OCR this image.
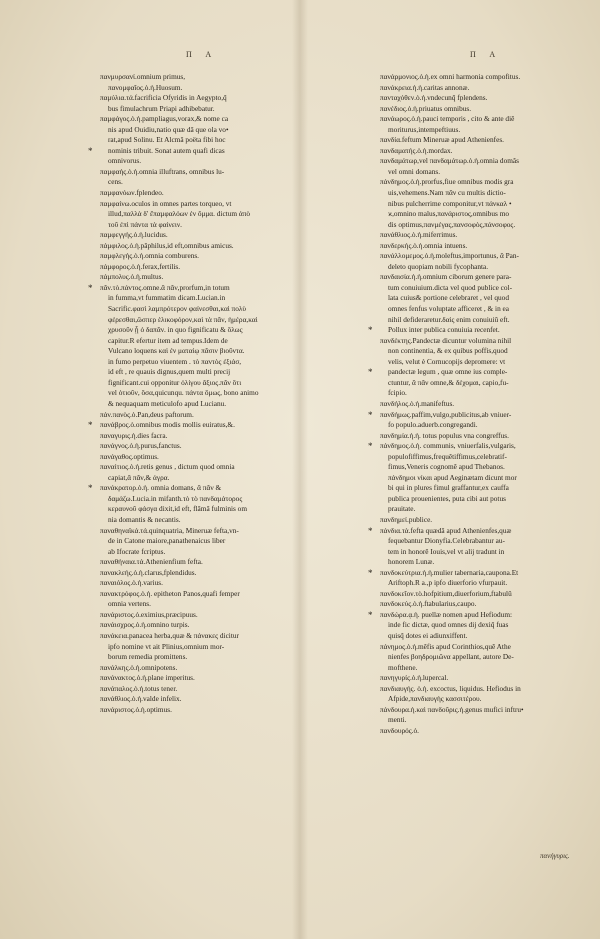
Π Α	Π Α
πανμυρσανί.omnium primus,
πανομφαῖος.ὁ.ἡ.Huosum.
παμύλια.τά.facrificia Ofyridis in Aegypto,q̃
bus fimulachrum Priapi adhibebatur.
παμφάγος.ὁ.ἡ.pampliagus,vorax,& nome ca
nis apud Ouidiu,natio quæ dã que ola vo•
rat,apud Solinu. Et Alcmã poëta fibi hoc
* nominis tribuit. Sonat autem quafi dicas
omnivorus.
παμφαής.ὁ.ἡ.omnia illuftrans, omnibus lu-
cens.
παμφανόων.fplendeo.
παμφαίνω.oculos in omnes partes torqueo, vt
illud,παλλὰ δ' ἔπαμφαλόων ἐν ὄμμα. dictum ἀπὸ
τοῦ ἐπὶ πάντα τὰ φαίνειν.
παμφεγγής.ὁ.ἡ.lucidus.
πάμφιλος.ὁ.ἡ.pãphilus,id eft,omnibus amicus.
παμφλεγής.ὁ.ἡ.omnia comburens.
πάμφορος.ὁ.ἡ.ferax,fertilis.
πάμπολυς.ὁ.ἡ.multus.
* πᾶν.τὸ.πάντος.omne.ᾶ πᾶν,prorfum,in totum
in fumma,vt fummatim dicam.Lucian.in
Sacrific.φασὶ λαμπρότερον φαίνεσθαι,καὶ πολὺ
φέρεσθαι,ὥσπερ ἑλικοφόρον,καὶ τὰ πᾶν, ἡμέρα,καὶ
χρυσοῦν ᾗ ὁ δαπᾶν. in quo fignificatu & ὅλως
capitur.R efertur item ad tempus.Idem de
Vulcano loquens καὶ ἐν ματαίῳ πᾶσιν βιοῦντα.
in fumo perpetuo viuentem . τὸ παντὸς ἐξιάσ,
id eft , re quauis dignus,quem multi precij
fignificant.cui opponitur ὀλίγου ἄξιος.πᾶν ὅτι
vel ὁτιοῦν, ὅσα,quicunqu. πάντα ὅμως, bono animo
& nequaquam meticulofo apud Lucianu.
πάν.πανὸς.ὁ.Pan,deus paftorum.
* πανάβρος.ὁ.omnibus modis mollis euiratus,&.
παναγυρις.ἡ.dies facra.
πανάγνος.ὁ.ἡ.purus,fanctus.
πανάγαθος.optimus.
παναίτιος.ὁ.ἡ.retis genus , dictum quod omnia
capiat,ᾶ πᾶν,& ἀγρα.
* πανάκρατορ.ὁ.ἡ. omnia domans, ᾶ πᾶν &
δαμάζω.Lucia.in mifanth.τὸ τὸ πανδαμάτορος
κεραυνοῦ φάσγα dixit,id eft, flãmã fulminis om
nia domantis & necantis.
παναθηναϊκά.τά.quinquatria, Mineruæ fefta,vn-
de in Catone maiore,panathenaicus liber
ab Ifocrate fcriptus.
παναθήναια.τά.Athenienfium fefta.
πανακλεής.ὁ.ἡ.clarus,fplendidus.
παναιόλος.ὁ.ἡ.varius.
πανακτρόφος.ὁ.ἡ. epitheton Panos,quafi femper
omnia vertens.
πανάριστος.ὁ.eximius,præcipuus.
πανάισχρος.ὁ.ἡ.omnino turpis.
πανάκεια.panacea herba,quæ & πάνακες dicitur
ipfo nomine vt ait Plinius,omnium mor-
borum remedia promittens.
πανάλκης.ὁ.ἡ.omnipotens.
πανάνακτος.ὁ.ἡ.plane imperitus.
πανάπαλος.ὁ.ἡ.totus tener.
πανάθλιος.ὁ.ἡ.valde infelix.
πανάριστος.ὁ.ἡ.optimus.
πανάρμονιος.ὁ.ἡ.ex omni harmonia compofitus.
πανάκρεια.ἡ.ἡ.caritas annonæ.
πανταχόθεν.ὁ.ἡ.vndecunq̃ fplendens.
πανέδιος.ὁ.ἡ.priuatus omnibus.
πανάωρος.ὁ.ἡ.pauci temporis , cito & ante diẽ
moriturus,intempeftiuus.
πανδία.feftum Mineruæ apud Athenienfes.
πανδαματής.ὁ.ἡ.mordax.
πανδαμάτωρ,vel πανδαμάτωρ.ὁ.ἡ.omnia domãs
vel omni domans.
πάνδημος.ὁ.ἡ.prorfus,fiue omnibus modis gra
uis,vehemens.Nam πᾶν cu multis dictio-
nibus pulcherrime componitur,vt πάνκαλ •
ϰ,omnino malus,πανάριστος,omnibus mo
dis optimus,πανμέγας,πανσοφὸς,πάνσοφος.
πανάθλιος.ὁ.ἡ.miferrimus.
πανδερκής.ὁ.ἡ.omnia intuens.
πανάλλομεμος.ὁ.ἡ.moleftus,importunus, ᾶ Pan-
deleto quopiam nobili fycophanta.
πανδαισία.ἡ.ἡ.omnium ciborum genere para-
tum conuiuium.dicta vel quod publice col-
lata cuius& portione celebraret , vel quod
omnes fenfus voluptate afficeret , & in ea
nihil defideraretur.δαὶς enim conuiuiũ eft.
* Pollux inter publica conuiuia recenfet.
πανδέκτης.Pandectæ dicuntur volumina nihil
non continentia, & ex quibus poffis,quod
velis, velut è Cornucopijs depromere: vt
* pandectæ legum , quæ omne ius comple-
ctuntur, ᾶ πᾶν omne,& δέχομαι, capio,fu-
fcipio.
πανδήλος.ὁ.ἡ.manifeftus.
* πανδήμως.paffim,vulgo,publicitus,ab vniuer-
fo populo.aduerb.congregandi.
πανδημία.ἡ.ἡ. totus populus vna congreffus.
* πάνδημος.ὁ.ἡ. communis, vniuerfalis,vulgaris,
populofiffimus,frequẽtiffimus,celebratif-
fimus,Veneris cognomẽ apud Thebanos.
πάνδημοι νίκαι apud Aeginætam dicunt mor
bi qui in plures fimul graffantur,ex cauffa
publica prouenientes, puta cibi aut potus
prauitate.
πανδημεί.publice.
* πάνδια.τὰ.fefta quædã apud Athenienfes,quæ
fequebantur Dionyfia.Celebrabantur au-
tem in honorẽ Iouis,vel vt alij tradunt in
honorem Lunæ.
* πανδοκεύτρια.ἡ.ἡ.mulier tabernaria,caupona.Et
Ariftoph.R a.,p ipfo diuerforio vfurpauit.
πανδοκεῖον.τὸ.hofpitium,diuerforium,ftabulũ
πανδοκεύς.ὁ.ἡ.ftabularius,caupo.
* πανδώρα.ᾳ.ἡ. puellæ nomen apud Hefiodum:
inde fic dictæ, quod omnes dij dexiq̃ fuas
quisq̃ dotes ei adiunxiffent.
πάνημος.ὁ.ἡ.mẽfis apud Corinthios,quẽ Athe
nienfes βοηδρομιῶνα appellant, autore De-
mofthene.
πανηγυρίς.ὁ.ἡ.lupercal.
πανδιαυγής. ὁ.ἡ. excoctus, liquidus. Hefiodus in
Afpide,πανδιαυγὴς κασσιτέρου.
πάνδουρα.ἡ.καὶ πανδοῦρις.ἡ.genus mufici inftru•
menti.
πανδουρός.ὁ.
πανήγυρις.
